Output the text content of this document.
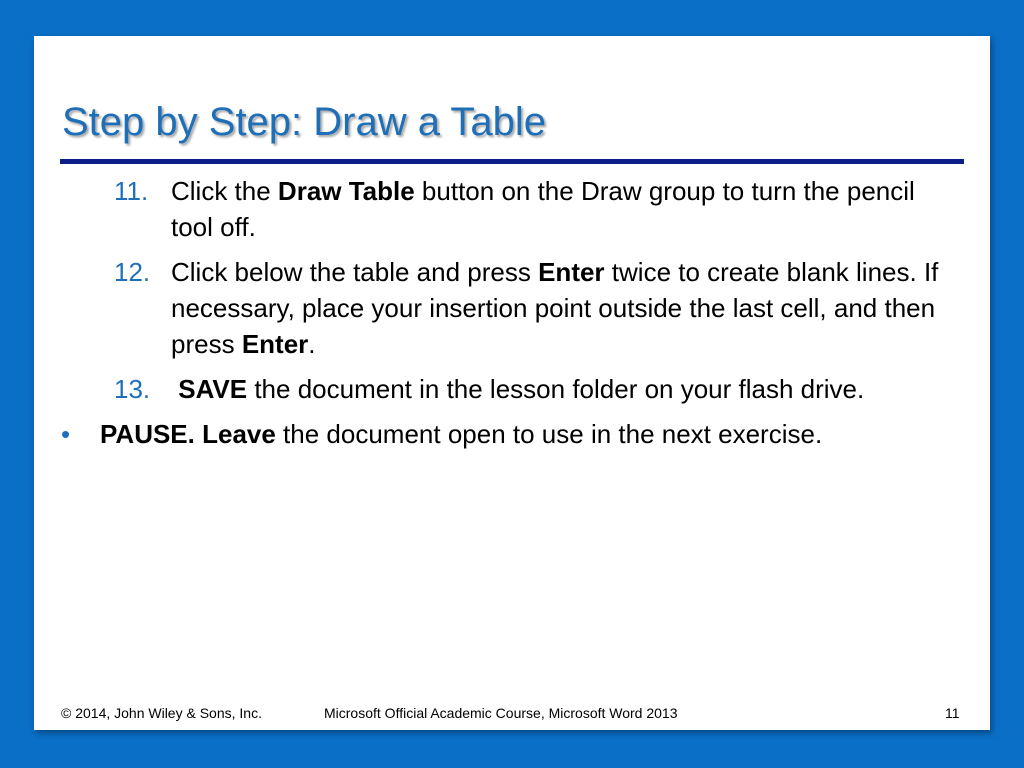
Step by Step: Draw a Table
11. Click the Draw Table button on the Draw group to turn the pencil tool off.
12. Click below the table and press Enter twice to create blank lines. If necessary, place your insertion point outside the last cell, and then press Enter.
13. SAVE the document in the lesson folder on your flash drive.
• PAUSE. Leave the document open to use in the next exercise.
© 2014, John Wiley & Sons, Inc.	Microsoft Official Academic Course, Microsoft Word 2013	11
